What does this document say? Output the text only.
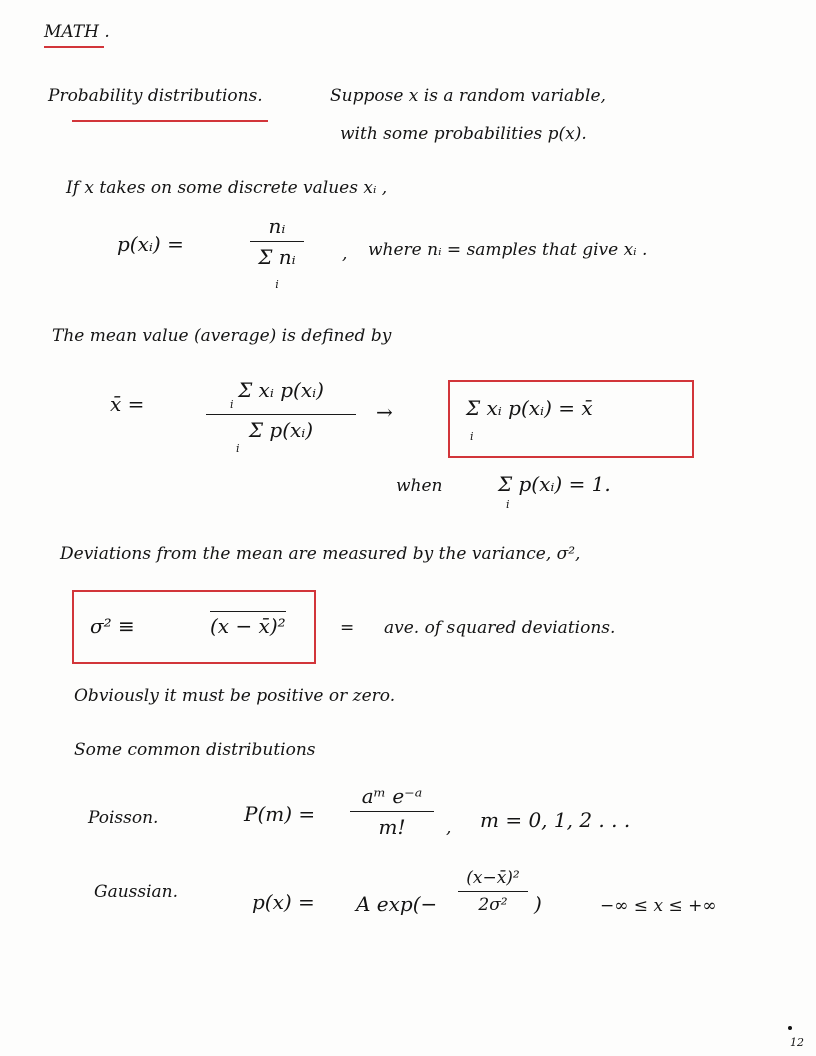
MATH .
Probability distributions.	Suppose x is a random variable,
with some probabilities p(x).
If x takes on some discrete values xᵢ ,
p(xᵢ) =
nᵢ
Σ nᵢ
i
, where nᵢ = samples that give xᵢ .
The mean value (average) is defined by
x̄ =
Σ xᵢ p(xᵢ)
i
Σ p(xᵢ)
i
→	Σ xᵢ p(xᵢ) = x̄
i
when	Σ p(xᵢ) = 1.
i
Deviations from the mean are measured by the variance, σ²,
σ² ≡	(x − x̄)²	= ave. of squared deviations.
Obviously it must be positive or zero.
Some common distributions
Poisson.	P(m) =
aᵐ e⁻ᵃ
m!	, m = 0, 1, 2 . . .
Gaussian.	p(x) = A exp(−
(x−x̄)²
2σ²	)	−∞ ≤ x ≤ +∞
12
